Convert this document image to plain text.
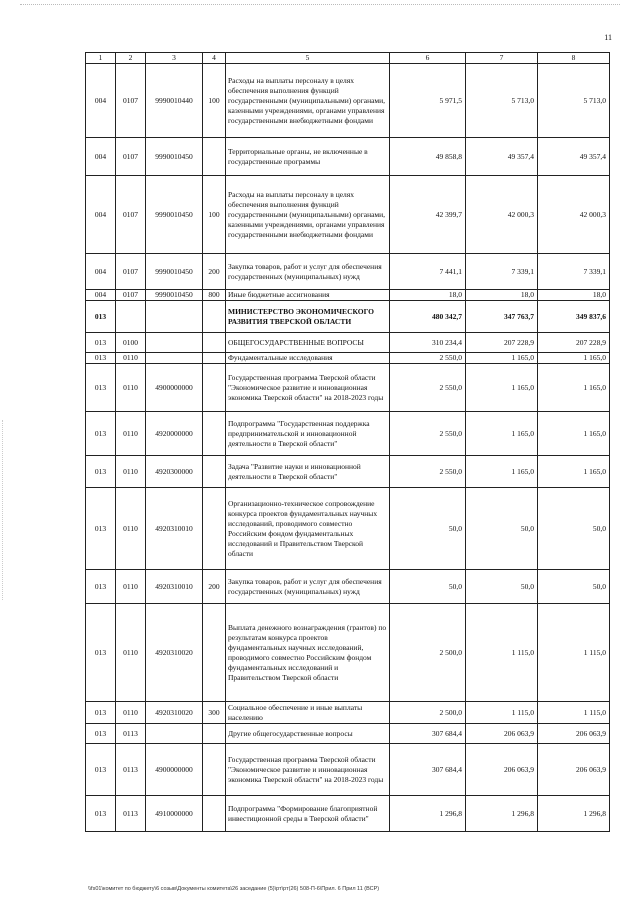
11
1	2	3	4	5	6	7	8
004	0107	9990010440	100	Расходы на выплаты персоналу в целях обеспечения выполнения функций государственными (муниципальными) органами, казенными учреждениями, органами управления государственными внебюджетными фондами	5 971,5	5 713,0	5 713,0
004	0107	9990010450		Территориальные органы, не включенные в государственные программы	49 858,8	49 357,4	49 357,4
004	0107	9990010450	100	Расходы на выплаты персоналу в целях обеспечения выполнения функций государственными (муниципальными) органами, казенными учреждениями, органами управления государственными внебюджетными фондами	42 399,7	42 000,3	42 000,3
004	0107	9990010450	200	Закупка товаров, работ и услуг для обеспечения государственных (муниципальных) нужд	7 441,1	7 339,1	7 339,1
004	0107	9990010450	800	Иные бюджетные ассигнования	18,0	18,0	18,0
013				МИНИСТЕРСТВО ЭКОНОМИЧЕСКОГО РАЗВИТИЯ ТВЕРСКОЙ ОБЛАСТИ	480 342,7	347 763,7	349 837,6
013	0100			ОБЩЕГОСУДАРСТВЕННЫЕ ВОПРОСЫ	310 234,4	207 228,9	207 228,9
013	0110			Фундаментальные исследования	2 550,0	1 165,0	1 165,0
013	0110	4900000000		Государственная программа Тверской области "Экономическое развитие и инновационная экономика Тверской области" на 2018-2023 годы	2 550,0	1 165,0	1 165,0
013	0110	4920000000		Подпрограмма "Государственная поддержка предпринимательской и инновационной деятельности в Тверской области"	2 550,0	1 165,0	1 165,0
013	0110	4920300000		Задача "Развитие науки и инновационной деятельности в Тверской области"	2 550,0	1 165,0	1 165,0
013	0110	4920310010		Организационно-техническое сопровождение конкурса проектов фундаментальных научных исследований, проводимого совместно Российским фондом фундаментальных исследований и Правительством Тверской области	50,0	50,0	50,0
013	0110	4920310010	200	Закупка товаров, работ и услуг для обеспечения государственных (муниципальных) нужд	50,0	50,0	50,0
013	0110	4920310020		Выплата денежного вознаграждения (грантов) по результатам конкурса проектов фундаментальных научных исследований, проводимого совместно Российским фондом фундаментальных исследований и Правительством Тверской области	2 500,0	1 115,0	1 115,0
013	0110	4920310020	300	Социальное обеспечение и иные выплаты населению	2 500,0	1 115,0	1 115,0
013	0113			Другие общегосударственные вопросы	307 684,4	206 063,9	206 063,9
013	0113	4900000000		Государственная программа Тверской области "Экономическое развитие и инновационная экономика Тверской области" на 2018-2023 годы	307 684,4	206 063,9	206 063,9
013	0113	4910000000		Подпрограмма "Формирование благоприятной инвестиционной среды в Тверской области"	1 296,8	1 296,8	1 296,8
\\fs01\комитет по бюджету\6 созыв\Документы комитета\26 заседание (5)\рт\рт(26) 508-П-6\Прил. 6 Прил 11 (ВСР)
